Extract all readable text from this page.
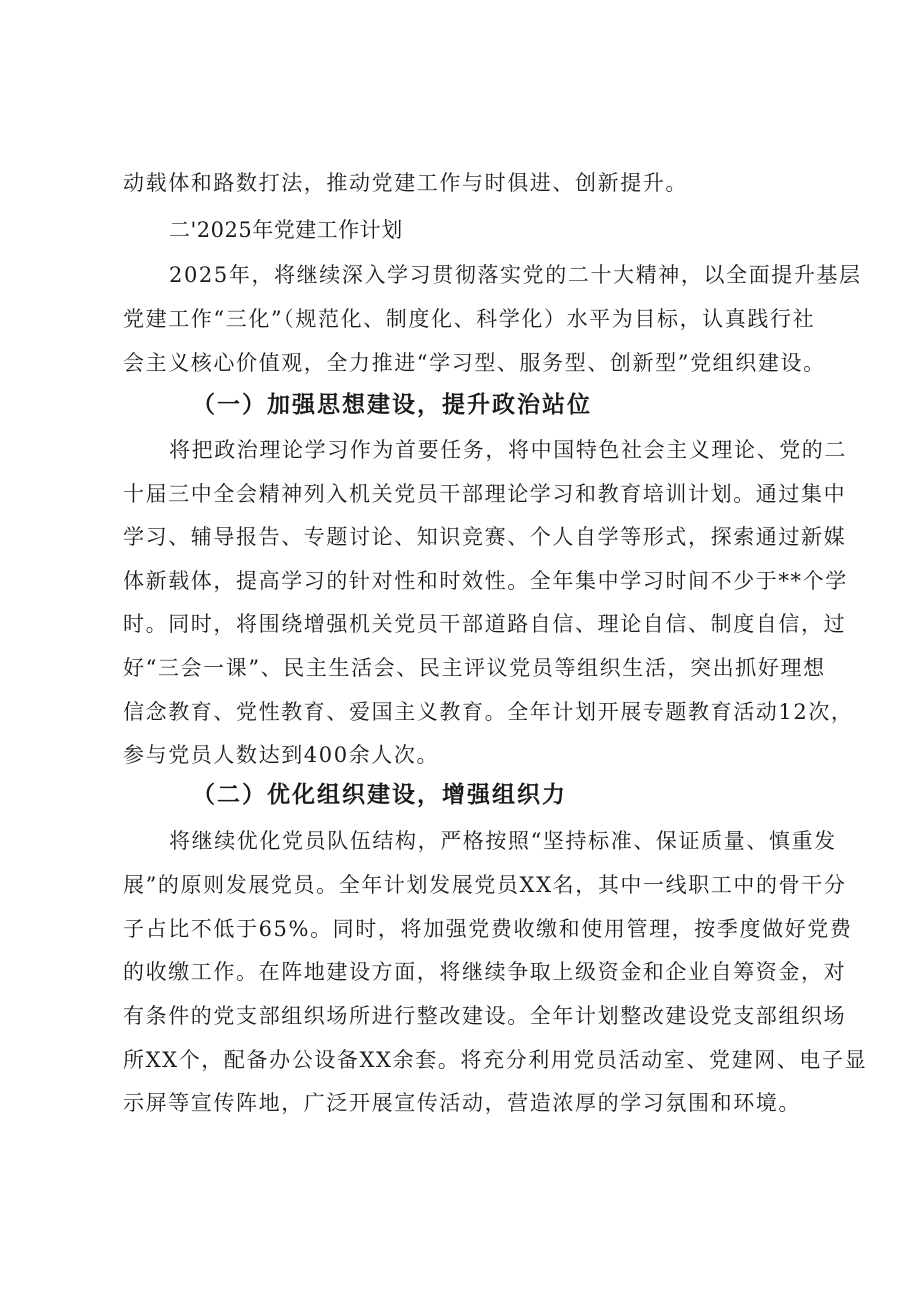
动载体和路数打法，推动党建工作与时俱进、创新提升。
二'2025年党建工作计划
2025年，将继续深入学习贯彻落实党的二十大精神，以全面提升基层
党建工作“三化”（规范化、制度化、科学化）水平为目标，认真践行社
会主义核心价值观，全力推进“学习型、服务型、创新型”党组织建设。
（一）加强思想建设，提升政治站位
将把政治理论学习作为首要任务，将中国特色社会主义理论、党的二
十届三中全会精神列入机关党员干部理论学习和教育培训计划。通过集中
学习、辅导报告、专题讨论、知识竞赛、个人自学等形式，探索通过新媒
体新载体，提高学习的针对性和时效性。全年集中学习时间不少于**个学
时。同时，将围绕增强机关党员干部道路自信、理论自信、制度自信，过
好“三会一课”、民主生活会、民主评议党员等组织生活，突出抓好理想
信念教育、党性教育、爱国主义教育。全年计划开展专题教育活动12次，
参与党员人数达到400余人次。
（二）优化组织建设，增强组织力
将继续优化党员队伍结构，严格按照“坚持标准、保证质量、慎重发
展”的原则发展党员。全年计划发展党员XX名，其中一线职工中的骨干分
子占比不低于65%。同时，将加强党费收缴和使用管理，按季度做好党费
的收缴工作。在阵地建设方面，将继续争取上级资金和企业自筹资金，对
有条件的党支部组织场所进行整改建设。全年计划整改建设党支部组织场
所XX个，配备办公设备XX余套。将充分利用党员活动室、党建网、电子显
示屏等宣传阵地，广泛开展宣传活动，营造浓厚的学习氛围和环境。
